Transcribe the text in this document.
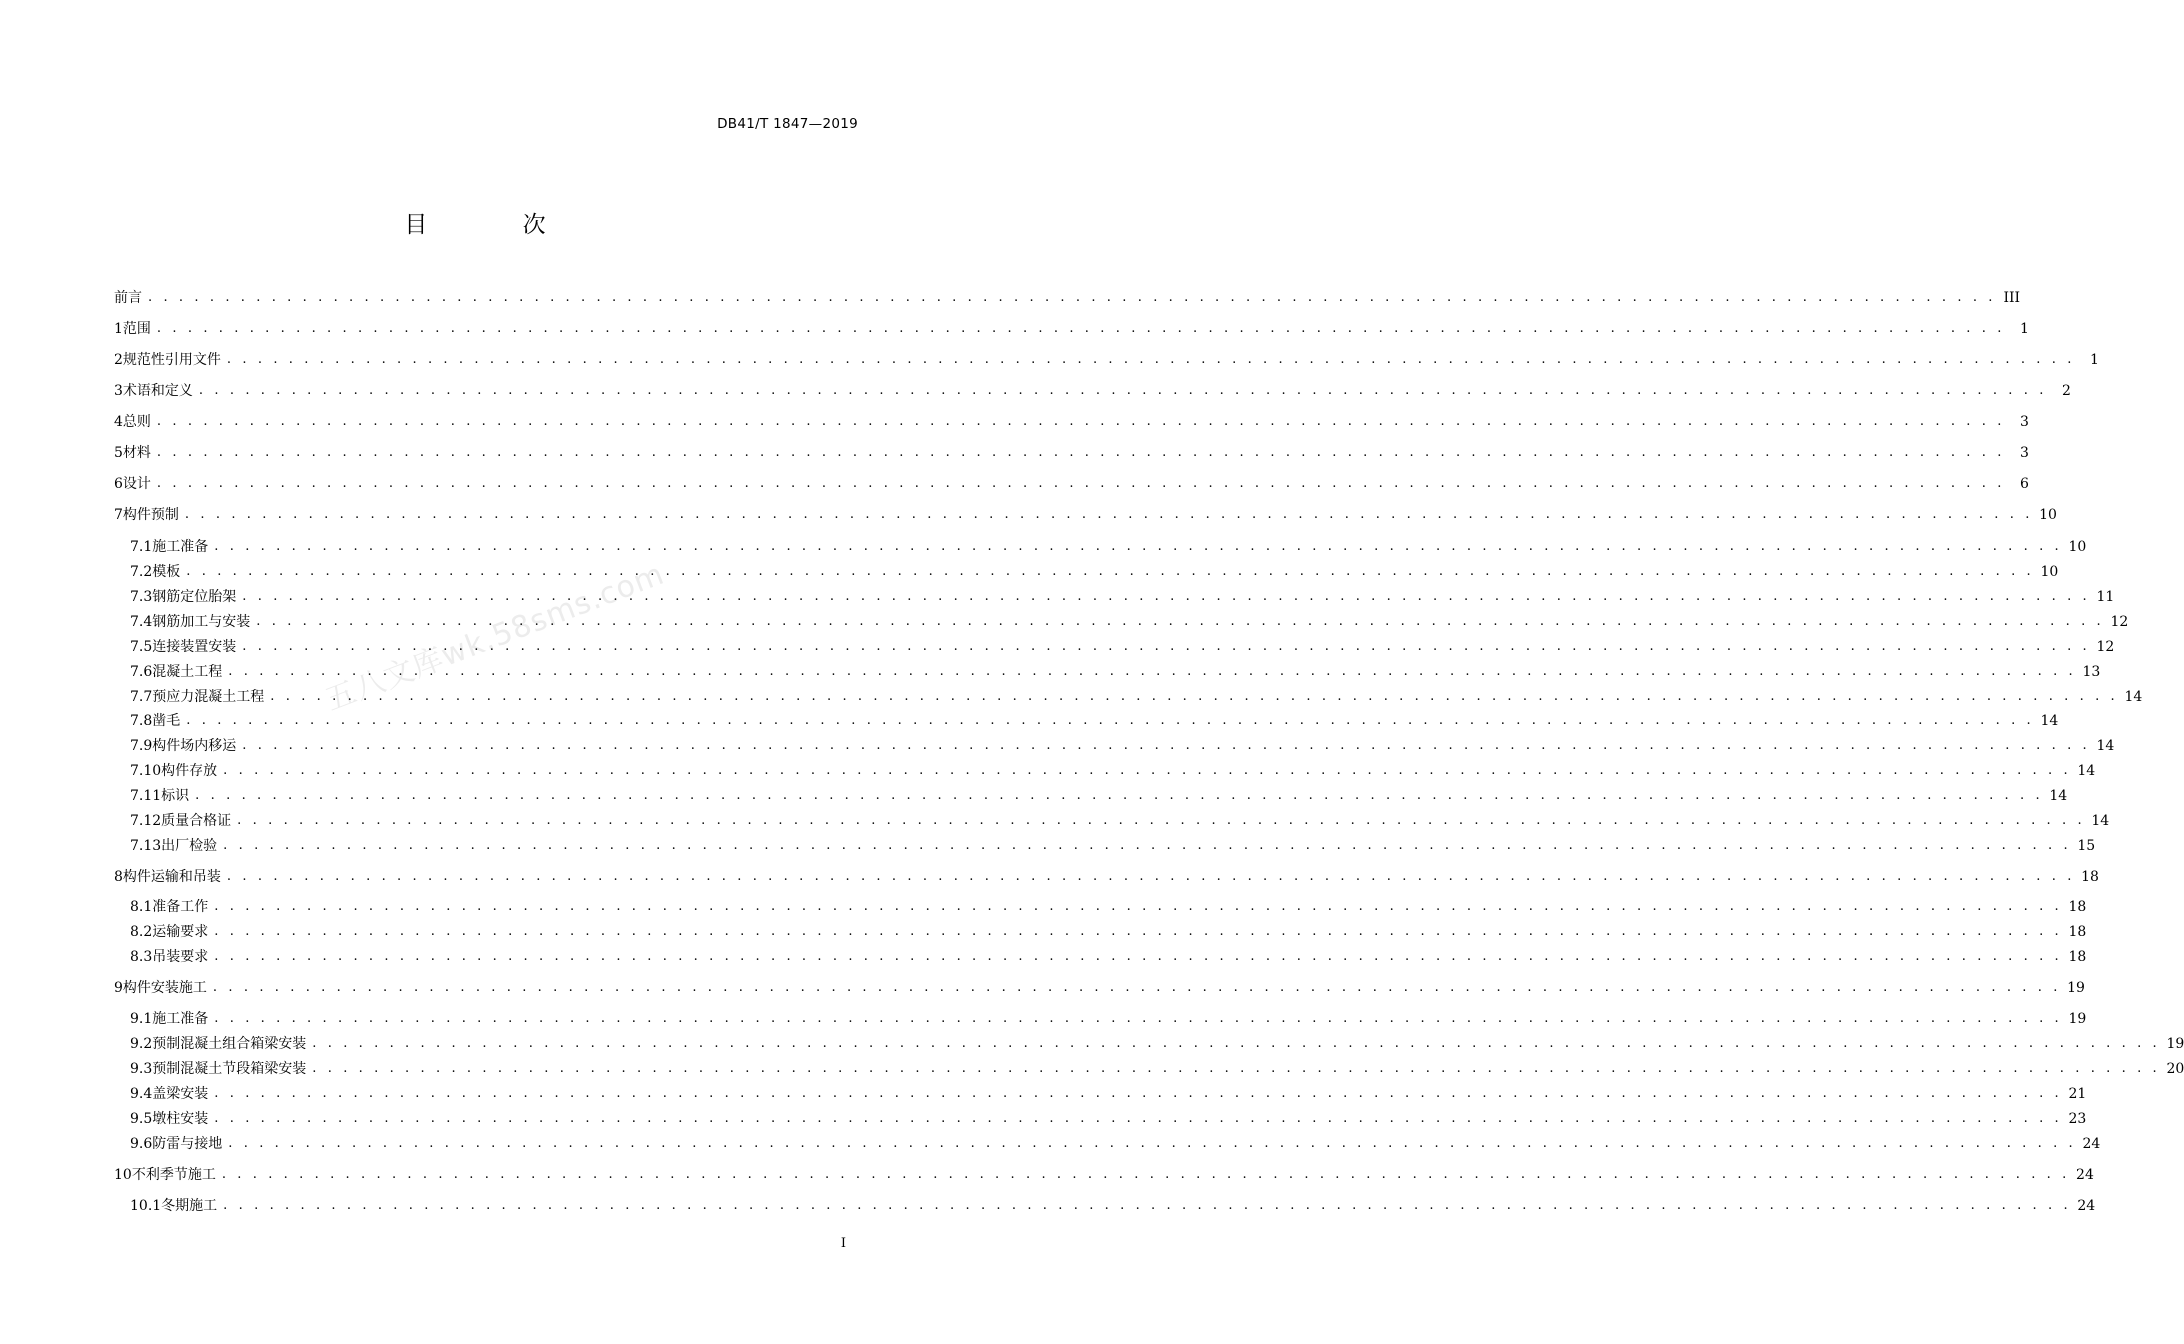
DB41/T 1847—2019
目 次
五八文库wk.58sms.com
前言 . . . . . . . . . . . . . . . . . . . . . . . . . . . . . . . . . . . . . . . . . . . . . . . . . . . . . . . . . . . . . . . . . . . . . . . . . . . . . . . . . . . . . . . . . . . . . . . . . . . . . . . . . . . . . . . . . . . . . . . . III
1 范围 . . . . . . . . . . . . . . . . . . . . . . . . . . . . . . . . . . . . . . . . . . . . . . . . . . . . . . . . . . . . . . . . . . . . . . . . . . . . . . . . . . . . . . . . . . . . . . . . . . . . . . . . . . . . . . . . . . . . . . . .	1
2 规范性引用文件 . . . . . . . . . . . . . . . . . . . . . . . . . . . . . . . . . . . . . . . . . . . . . . . . . . . . . . . . . . . . . . . . . . . . . . . . . . . . . . . . . . . . . . . . . . . . . . . . . . . . . . . . . . . . . . . . . . . . . . . .	1
3 术语和定义 . . . . . . . . . . . . . . . . . . . . . . . . . . . . . . . . . . . . . . . . . . . . . . . . . . . . . . . . . . . . . . . . . . . . . . . . . . . . . . . . . . . . . . . . . . . . . . . . . . . . . . . . . . . . . . . . . . . . . . . .	2
4 总则 . . . . . . . . . . . . . . . . . . . . . . . . . . . . . . . . . . . . . . . . . . . . . . . . . . . . . . . . . . . . . . . . . . . . . . . . . . . . . . . . . . . . . . . . . . . . . . . . . . . . . . . . . . . . . . . . . . . . . . . .	3
5 材料 . . . . . . . . . . . . . . . . . . . . . . . . . . . . . . . . . . . . . . . . . . . . . . . . . . . . . . . . . . . . . . . . . . . . . . . . . . . . . . . . . . . . . . . . . . . . . . . . . . . . . . . . . . . . . . . . . . . . . . . .	3
6 设计 . . . . . . . . . . . . . . . . . . . . . . . . . . . . . . . . . . . . . . . . . . . . . . . . . . . . . . . . . . . . . . . . . . . . . . . . . . . . . . . . . . . . . . . . . . . . . . . . . . . . . . . . . . . . . . . . . . . . . . . .	6
7 构件预制 . . . . . . . . . . . . . . . . . . . . . . . . . . . . . . . . . . . . . . . . . . . . . . . . . . . . . . . . . . . . . . . . . . . . . . . . . . . . . . . . . . . . . . . . . . . . . . . . . . . . . . . . . . . . . . . . . . . . . . . . 10
7.1 施工准备 . . . . . . . . . . . . . . . . . . . . . . . . . . . . . . . . . . . . . . . . . . . . . . . . . . . . . . . . . . . . . . . . . . . . . . . . . . . . . . . . . . . . . . . . . . . . . . . . . . . . . . . . . . . . . . . . . . . . . . . . 10
7.2 模板 . . . . . . . . . . . . . . . . . . . . . . . . . . . . . . . . . . . . . . . . . . . . . . . . . . . . . . . . . . . . . . . . . . . . . . . . . . . . . . . . . . . . . . . . . . . . . . . . . . . . . . . . . . . . . . . . . . . . . . . . 10
7.3 钢筋定位胎架 . . . . . . . . . . . . . . . . . . . . . . . . . . . . . . . . . . . . . . . . . . . . . . . . . . . . . . . . . . . . . . . . . . . . . . . . . . . . . . . . . . . . . . . . . . . . . . . . . . . . . . . . . . . . . . . . . . . . . . . . 11
7.4 钢筋加工与安装 . . . . . . . . . . . . . . . . . . . . . . . . . . . . . . . . . . . . . . . . . . . . . . . . . . . . . . . . . . . . . . . . . . . . . . . . . . . . . . . . . . . . . . . . . . . . . . . . . . . . . . . . . . . . . . . . . . . . . . . . 12
7.5 连接装置安装 . . . . . . . . . . . . . . . . . . . . . . . . . . . . . . . . . . . . . . . . . . . . . . . . . . . . . . . . . . . . . . . . . . . . . . . . . . . . . . . . . . . . . . . . . . . . . . . . . . . . . . . . . . . . . . . . . . . . . . . . 12
7.6 混凝土工程 . . . . . . . . . . . . . . . . . . . . . . . . . . . . . . . . . . . . . . . . . . . . . . . . . . . . . . . . . . . . . . . . . . . . . . . . . . . . . . . . . . . . . . . . . . . . . . . . . . . . . . . . . . . . . . . . . . . . . . . . 13
7.7 预应力混凝土工程 . . . . . . . . . . . . . . . . . . . . . . . . . . . . . . . . . . . . . . . . . . . . . . . . . . . . . . . . . . . . . . . . . . . . . . . . . . . . . . . . . . . . . . . . . . . . . . . . . . . . . . . . . . . . . . . . . . . . . . . . 14
7.8 凿毛 . . . . . . . . . . . . . . . . . . . . . . . . . . . . . . . . . . . . . . . . . . . . . . . . . . . . . . . . . . . . . . . . . . . . . . . . . . . . . . . . . . . . . . . . . . . . . . . . . . . . . . . . . . . . . . . . . . . . . . . . 14
7.9 构件场内移运 . . . . . . . . . . . . . . . . . . . . . . . . . . . . . . . . . . . . . . . . . . . . . . . . . . . . . . . . . . . . . . . . . . . . . . . . . . . . . . . . . . . . . . . . . . . . . . . . . . . . . . . . . . . . . . . . . . . . . . . . 14
7.10 构件存放 . . . . . . . . . . . . . . . . . . . . . . . . . . . . . . . . . . . . . . . . . . . . . . . . . . . . . . . . . . . . . . . . . . . . . . . . . . . . . . . . . . . . . . . . . . . . . . . . . . . . . . . . . . . . . . . . . . . . . . . . 14
7.11 标识 . . . . . . . . . . . . . . . . . . . . . . . . . . . . . . . . . . . . . . . . . . . . . . . . . . . . . . . . . . . . . . . . . . . . . . . . . . . . . . . . . . . . . . . . . . . . . . . . . . . . . . . . . . . . . . . . . . . . . . . . 14
7.12 质量合格证 . . . . . . . . . . . . . . . . . . . . . . . . . . . . . . . . . . . . . . . . . . . . . . . . . . . . . . . . . . . . . . . . . . . . . . . . . . . . . . . . . . . . . . . . . . . . . . . . . . . . . . . . . . . . . . . . . . . . . . . . 14
7.13 出厂检验 . . . . . . . . . . . . . . . . . . . . . . . . . . . . . . . . . . . . . . . . . . . . . . . . . . . . . . . . . . . . . . . . . . . . . . . . . . . . . . . . . . . . . . . . . . . . . . . . . . . . . . . . . . . . . . . . . . . . . . . . 15
8 构件运输和吊装 . . . . . . . . . . . . . . . . . . . . . . . . . . . . . . . . . . . . . . . . . . . . . . . . . . . . . . . . . . . . . . . . . . . . . . . . . . . . . . . . . . . . . . . . . . . . . . . . . . . . . . . . . . . . . . . . . . . . . . . . 18
8.1 准备工作 . . . . . . . . . . . . . . . . . . . . . . . . . . . . . . . . . . . . . . . . . . . . . . . . . . . . . . . . . . . . . . . . . . . . . . . . . . . . . . . . . . . . . . . . . . . . . . . . . . . . . . . . . . . . . . . . . . . . . . . . 18
8.2 运输要求 . . . . . . . . . . . . . . . . . . . . . . . . . . . . . . . . . . . . . . . . . . . . . . . . . . . . . . . . . . . . . . . . . . . . . . . . . . . . . . . . . . . . . . . . . . . . . . . . . . . . . . . . . . . . . . . . . . . . . . . . 18
8.3 吊装要求 . . . . . . . . . . . . . . . . . . . . . . . . . . . . . . . . . . . . . . . . . . . . . . . . . . . . . . . . . . . . . . . . . . . . . . . . . . . . . . . . . . . . . . . . . . . . . . . . . . . . . . . . . . . . . . . . . . . . . . . . 18
9 构件安装施工 . . . . . . . . . . . . . . . . . . . . . . . . . . . . . . . . . . . . . . . . . . . . . . . . . . . . . . . . . . . . . . . . . . . . . . . . . . . . . . . . . . . . . . . . . . . . . . . . . . . . . . . . . . . . . . . . . . . . . . . . 19
9.1 施工准备 . . . . . . . . . . . . . . . . . . . . . . . . . . . . . . . . . . . . . . . . . . . . . . . . . . . . . . . . . . . . . . . . . . . . . . . . . . . . . . . . . . . . . . . . . . . . . . . . . . . . . . . . . . . . . . . . . . . . . . . . 19
9.2 预制混凝土组合箱梁安装 . . . . . . . . . . . . . . . . . . . . . . . . . . . . . . . . . . . . . . . . . . . . . . . . . . . . . . . . . . . . . . . . . . . . . . . . . . . . . . . . . . . . . . . . . . . . . . . . . . . . . . . . . . . . . . . . . . . . . . . . 19
9.3 预制混凝土节段箱梁安装 . . . . . . . . . . . . . . . . . . . . . . . . . . . . . . . . . . . . . . . . . . . . . . . . . . . . . . . . . . . . . . . . . . . . . . . . . . . . . . . . . . . . . . . . . . . . . . . . . . . . . . . . . . . . . . . . . . . . . . . . 20
9.4 盖梁安装 . . . . . . . . . . . . . . . . . . . . . . . . . . . . . . . . . . . . . . . . . . . . . . . . . . . . . . . . . . . . . . . . . . . . . . . . . . . . . . . . . . . . . . . . . . . . . . . . . . . . . . . . . . . . . . . . . . . . . . . . 21
9.5 墩柱安装 . . . . . . . . . . . . . . . . . . . . . . . . . . . . . . . . . . . . . . . . . . . . . . . . . . . . . . . . . . . . . . . . . . . . . . . . . . . . . . . . . . . . . . . . . . . . . . . . . . . . . . . . . . . . . . . . . . . . . . . . 23
9.6 防雷与接地 . . . . . . . . . . . . . . . . . . . . . . . . . . . . . . . . . . . . . . . . . . . . . . . . . . . . . . . . . . . . . . . . . . . . . . . . . . . . . . . . . . . . . . . . . . . . . . . . . . . . . . . . . . . . . . . . . . . . . . . . 24
10 不利季节施工 . . . . . . . . . . . . . . . . . . . . . . . . . . . . . . . . . . . . . . . . . . . . . . . . . . . . . . . . . . . . . . . . . . . . . . . . . . . . . . . . . . . . . . . . . . . . . . . . . . . . . . . . . . . . . . . . . . . . . . . . 24
10.1 冬期施工 . . . . . . . . . . . . . . . . . . . . . . . . . . . . . . . . . . . . . . . . . . . . . . . . . . . . . . . . . . . . . . . . . . . . . . . . . . . . . . . . . . . . . . . . . . . . . . . . . . . . . . . . . . . . . . . . . . . . . . . . 24
I
